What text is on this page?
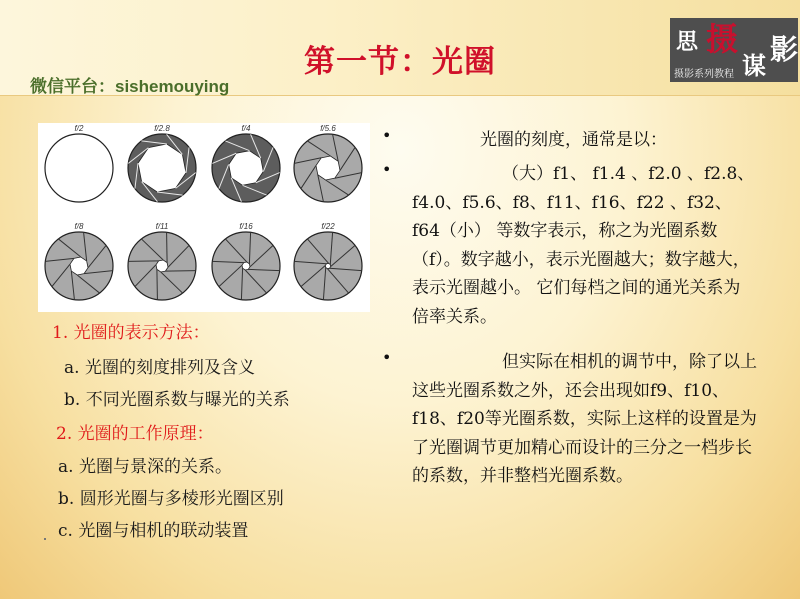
第一节：光圈
微信平台：sishemouying
思 摄
谋 影
摄影系列教程
f/2	f/2.8	f/4	f/5.6
f/8	f/11	f/16	f/22
1. 光圈的表示方法：
a. 光圈的刻度排列及含义
b. 不同光圈系数与曝光的关系
2. 光圈的工作原理：
a. 光圈与景深的关系。
b. 圆形光圈与多棱形光圈区别
c. 光圈与相机的联动装置
•	光圈的刻度，通常是以：
•	（大）f1、 f1.4 、f2.0 、f2.8、f4.0、f5.6、f8、f11、f16、f22 、f32、f64（小） 等数字表示，称之为光圈系数（f）。数字越小，表示光圈越大；数字越大，表示光圈越小。 它们每档之间的通光关系为倍率关系。
•	但实际在相机的调节中，除了以上这些光圈系数之外，还会出现如f9、f10、f18、f20等光圈系数，实际上这样的设置是为了光圈调节更加精心而设计的三分之一档步长的系数，并非整档光圈系数。
